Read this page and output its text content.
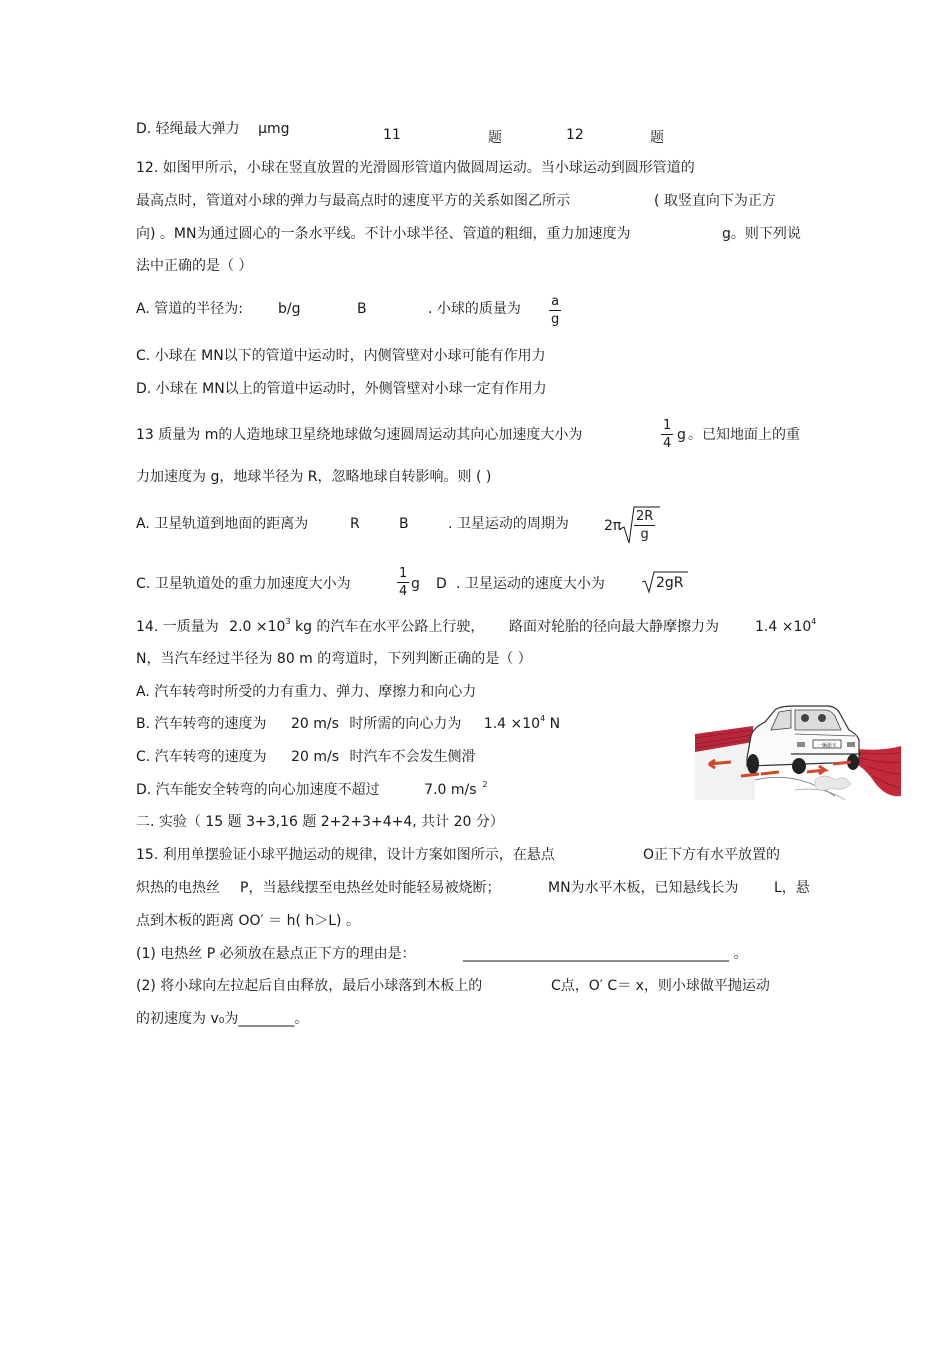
D. 轻绳最大弹力 μmg	11	题	12	题
12. 如图甲所示，小球在竖直放置的光滑圆形管道内做圆周运动。当小球运动到圆形管道的
最高点时，管道对小球的弹力与最高点时的速度平方的关系如图乙所示	( 取竖直向下为正方
向) 。MN为通过圆心的一条水平线。不计小球半径、管道的粗细，重力加速度为	g。则下列说
法中正确的是（ ）
A. 管道的半径为:	b/g	B	. 小球的质量为 a
g
C. 小球在 MN以下的管道中运动时，内侧管壁对小球可能有作用力
D. 小球在 MN以上的管道中运动时，外侧管壁对小球一定有作用力
13 质量为 m的人造地球卫星绕地球做匀速圆周运动其向心加速度大小为
1
4
g 。已知地面上的重
力加速度为 g，地球半径为 R，忽略地球自转影响。则 ( )
A. 卫星轨道到地面的距离为	R	B	. 卫星运动的周期为	2π
2R
g
C. 卫星轨道处的重力加速度大小为
1
4 g D . 卫星运动的速度大小为	2gR
14. 一质量为 $2.0 \times 10^3$ kg 的汽车在水平公路上行驶， 路面对轮胎的径向最大静摩擦力为	$1.4 \times 10^4$
N，当汽车经过半径为 80 m 的弯道时，下列判断正确的是（ ）
A. 汽车转弯时所受的力有重力、弹力、摩擦力和向心力
B. 汽车转弯的速度为 20 m/s 时所需的向心力为 $1.4 \times 10^4$ N
C. 汽车转弯的速度为 20 m/s 时汽车不会发生侧滑
D. 汽车能安全转弯的向心加速度不超过	7.0 m/s $^2$
一辆新车
二. 实验（ 15 题 3+3,16 题 2+2+3+4+4, 共计 20 分）
15. 利用单摆验证小球平抛运动的规律，设计方案如图所示，在悬点	O正下方有水平放置的
炽热的电热丝 P，当悬线摆至电热丝处时能轻易被烧断；	MN为水平木板，已知悬线长为	L，悬
点到木板的距离 OO′ ＝ h( h＞L) 。
(1) 电热丝 P 必须放在悬点正下方的理由是：	______________________________________ 。
(2) 将小球向左拉起后自由释放，最后小球落到木板上的	C点，O′ C＝ x，则小球做平抛运动
的初速度为 v₀为________。
